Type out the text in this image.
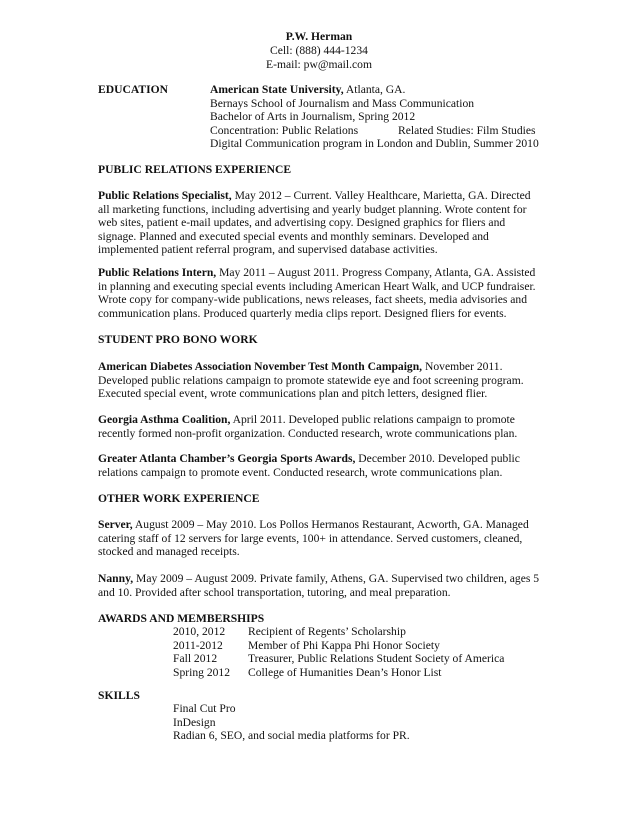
P.W. Herman
Cell: (888) 444-1234
E-mail: pw@mail.com
EDUCATION	American State University, Atlanta, GA.
Bernays School of Journalism and Mass Communication
Bachelor of Arts in Journalism, Spring 2012
Concentration: Public Relations	Related Studies: Film Studies
Digital Communication program in London and Dublin, Summer 2010
PUBLIC RELATIONS EXPERIENCE

Public Relations Specialist, May 2012 – Current. Valley Healthcare, Marietta, GA. Directed all marketing functions, including advertising and yearly budget planning. Wrote content for web sites, patient e-mail updates, and advertising copy. Designed graphics for fliers and signage. Planned and executed special events and monthly seminars. Developed and implemented patient referral program, and supervised database activities.

Public Relations Intern, May 2011 – August 2011. Progress Company, Atlanta, GA. Assisted in planning and executing special events including American Heart Walk, and UCP fundraiser. Wrote copy for company-wide publications, news releases, fact sheets, media advisories and communication plans. Produced quarterly media clips report. Designed fliers for events.

STUDENT PRO BONO WORK

American Diabetes Association November Test Month Campaign, November 2011. Developed public relations campaign to promote statewide eye and foot screening program. Executed special event, wrote communications plan and pitch letters, designed flier.

Georgia Asthma Coalition, April 2011. Developed public relations campaign to promote recently formed non-profit organization. Conducted research, wrote communications plan.

Greater Atlanta Chamber’s Georgia Sports Awards, December 2010. Developed public relations campaign to promote event. Conducted research, wrote communications plan.

OTHER WORK EXPERIENCE

Server, August 2009 – May 2010. Los Pollos Hermanos Restaurant, Acworth, GA. Managed catering staff of 12 servers for large events, 100+ in attendance. Served customers, cleaned, stocked and managed receipts.

Nanny, May 2009 – August 2009. Private family, Athens, GA. Supervised two children, ages 5 and 10. Provided after school transportation, tutoring, and meal preparation.

AWARDS AND MEMBERSHIPS
2010, 2012	Recipient of Regents’ Scholarship
2011-2012	Member of Phi Kappa Phi Honor Society
Fall 2012	Treasurer, Public Relations Student Society of America
Spring 2012	College of Humanities Dean’s Honor List
SKILLS
Final Cut Pro
InDesign
Radian 6, SEO, and social media platforms for PR.
